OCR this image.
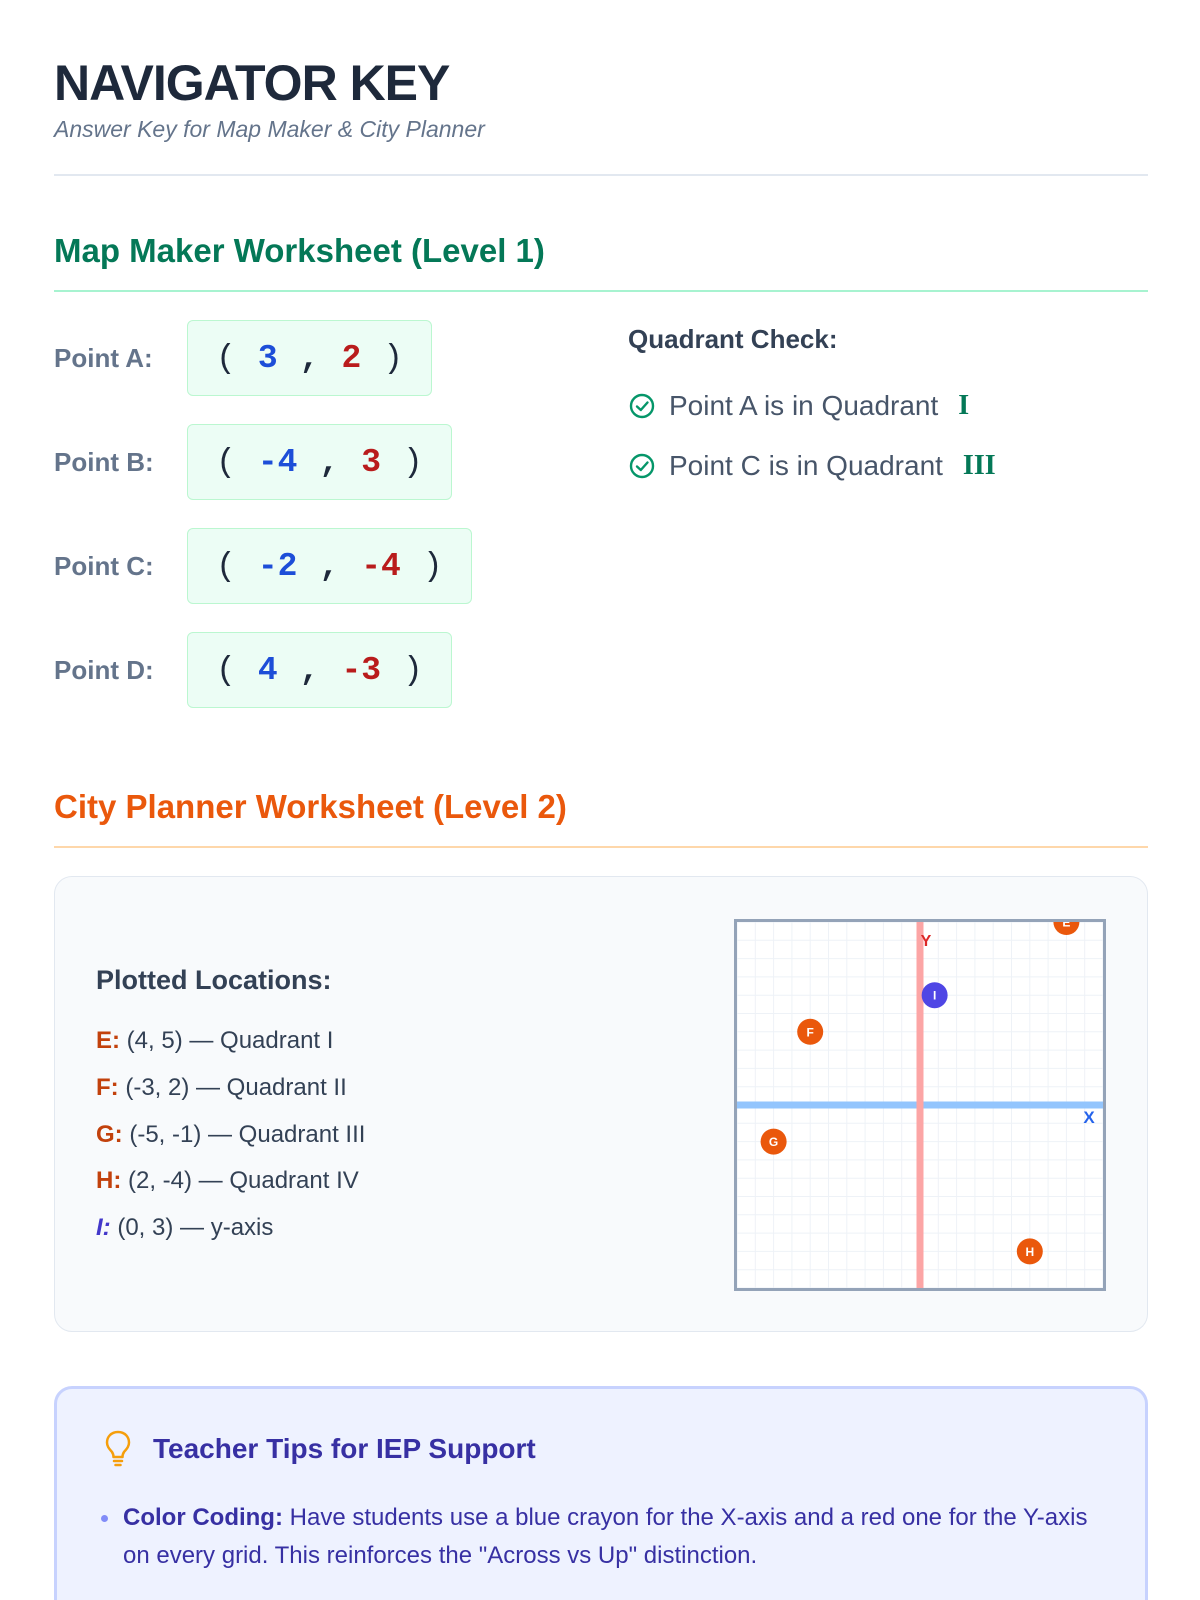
NAVIGATOR KEY
Answer Key for Map Maker & City Planner
Map Maker Worksheet (Level 1)
Point A:	( 3 , 2 )
Point B:	( -4 , 3 )
Point C:	( -2 , -4 )
Point D:	( 4 , -3 )
Quadrant Check:
Point A is in Quadrant I
Point C is in Quadrant III
City Planner Worksheet (Level 2)
Plotted Locations:
E: (4, 5) — Quadrant I
F: (-3, 2) — Quadrant II
G: (-5, -1) — Quadrant III
H: (2, -4) — Quadrant IV
I: (0, 3) — y-axis
X
Y
E
F
G
H
I
Teacher Tips for IEP Support
Color Coding: Have students use a blue crayon for the X-axis and a red one for the Y-axis on every grid. This reinforces the "Across vs Up" distinction.
